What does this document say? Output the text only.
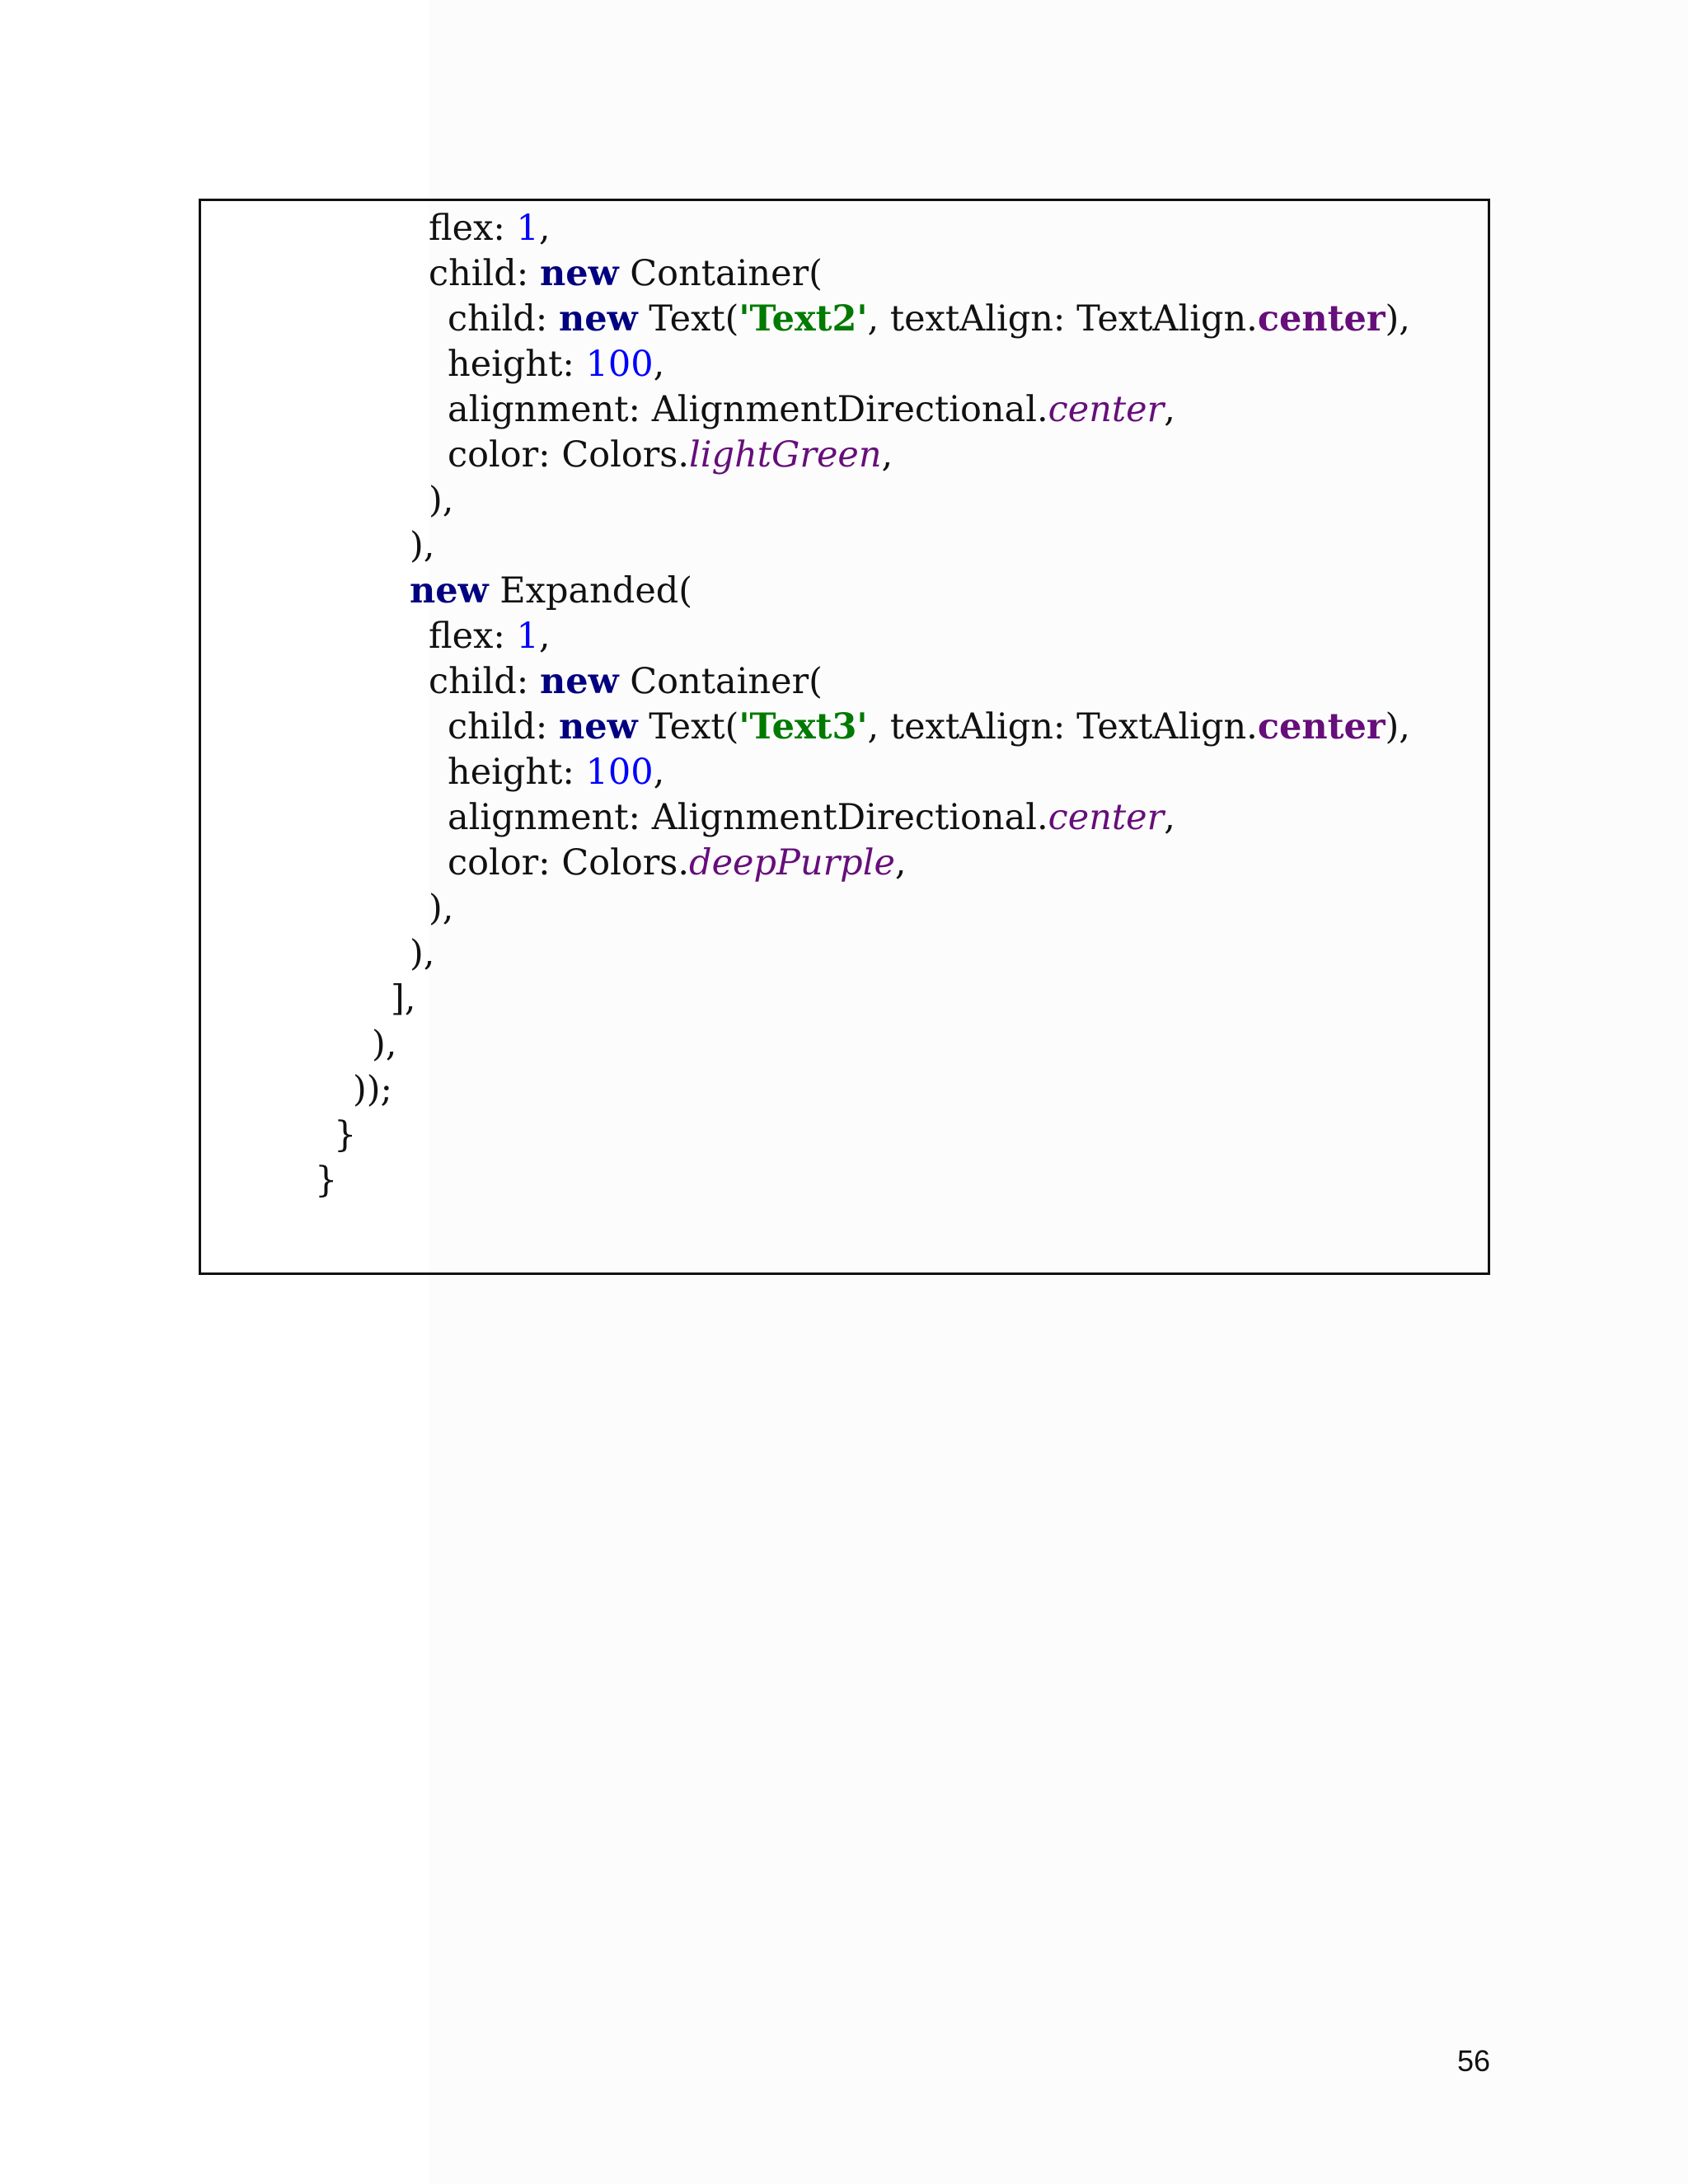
flex: 1,
child: new Container(
child: new Text('Text2', textAlign: TextAlign.center),
height: 100,
alignment: AlignmentDirectional.center,
color: Colors.lightGreen,
),
),
new Expanded(
flex: 1,
child: new Container(
child: new Text('Text3', textAlign: TextAlign.center),
height: 100,
alignment: AlignmentDirectional.center,
color: Colors.deepPurple,
),
),
],
),
));
}
}
56
